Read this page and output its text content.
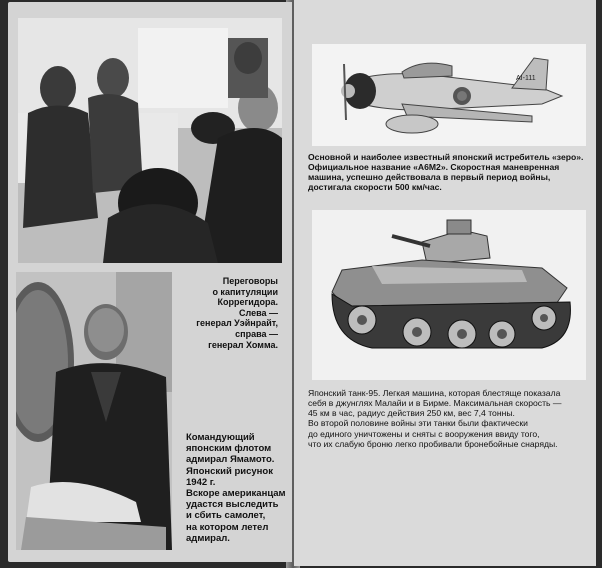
Переговоры
о капитуляции
Коррегидора.
Слева —
генерал Уэйнрайт,
справа —
генерал Хомма.
Командующий
японским флотом
адмирал Ямамото.
Японский рисунок
1942 г.
Вскоре американцам
удастся выследить
и сбить самолет,
на котором летел
адмирал.
AI-111
Основной и наиболее известный японский истребитель «зеро».
Официальное название «А6М2». Скоростная маневренная
машина, успешно действовала в первый период войны,
достигала скорости 500 км/час.
Японский танк-95. Легкая машина, которая блестяще показала
себя в джунглях Малайи и в Бирме. Максимальная скорость —
45 км в час, радиус действия 250 км, вес 7,4 тонны.
Во второй половине войны эти танки были фактически
до единого уничтожены и сняты с вооружения ввиду того,
что их слабую броню легко пробивали бронебойные снаряды.
